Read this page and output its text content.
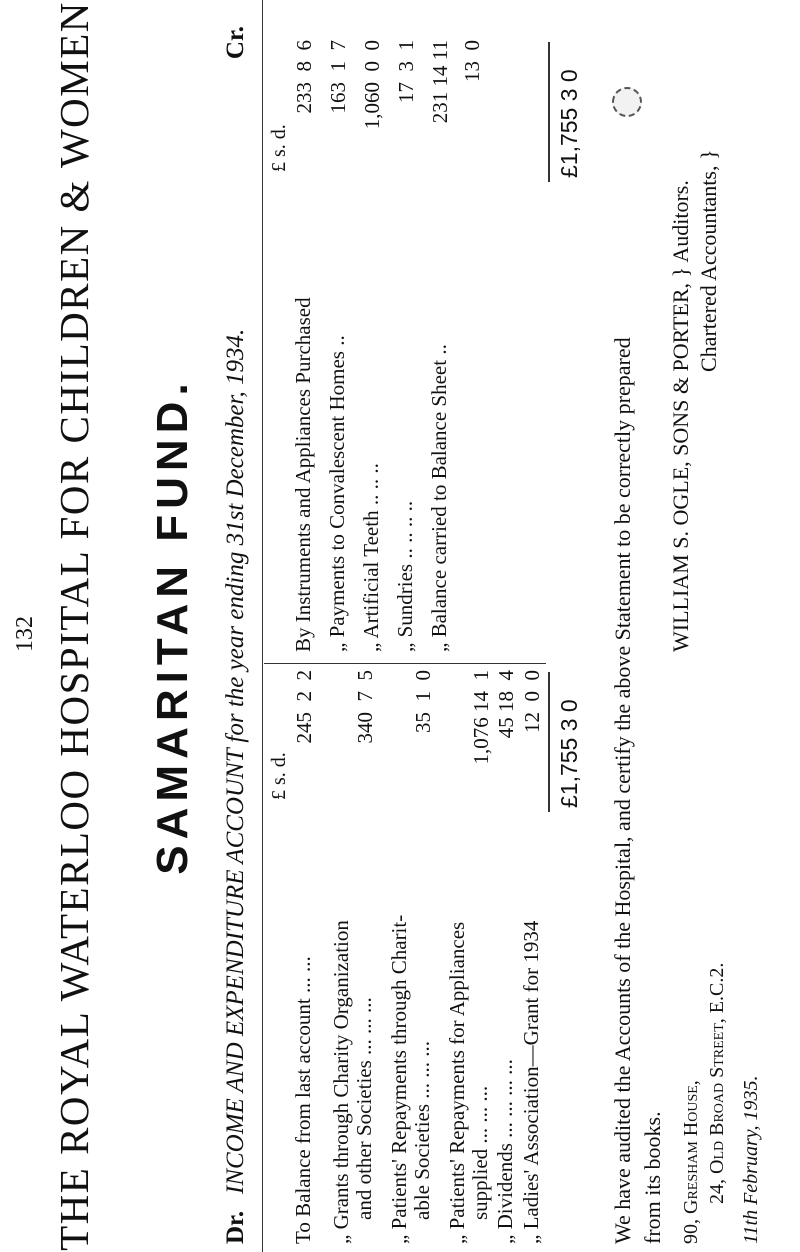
132 THE ROYAL WATERLOO HOSPITAL FOR CHILDREN & WOMEN SAMARITAN FUND.
Dr.
INCOME AND EXPENDITURE ACCOUNT for the year ending 31st December, 1934.
Cr.
£ s. d.
To Balance from last account ... ...
245  2  2
„ Grants through Charity Organization and other Societies ... ... ...
340  7  5
„ Patients' Repayments through Charit- able Societies ... ... ...
35  1  0
„ Patients' Repayments for Appliances supplied ... ... ...
1,076 14  1
„ Dividends ... ... ... ...
45 18  4
„ Ladies' Association—Grant for 1934
12  0  0 £1,755 3 0
£ s. d.
By Instruments and Appliances Purchased
233  8  6
„ Payments to Convalescent Homes ..
163  1  7
„ Artificial Teeth .. .. ..
1,060  0  0
„ Sundries .. .. .. ..
17  3  1
„ Balance carried to Balance Sheet ..
231 14 11 13  0
£1,755 3 0
We have audited the Accounts of the Hospital, and certify the above Statement to be correctly prepared from its books.
WILLIAM S. OGLE, SONS & PORTER, } Auditors. Chartered Accountants, }
90, Gresham House, 24, Old Broad Street, E.C.2. 11th February, 1935.
